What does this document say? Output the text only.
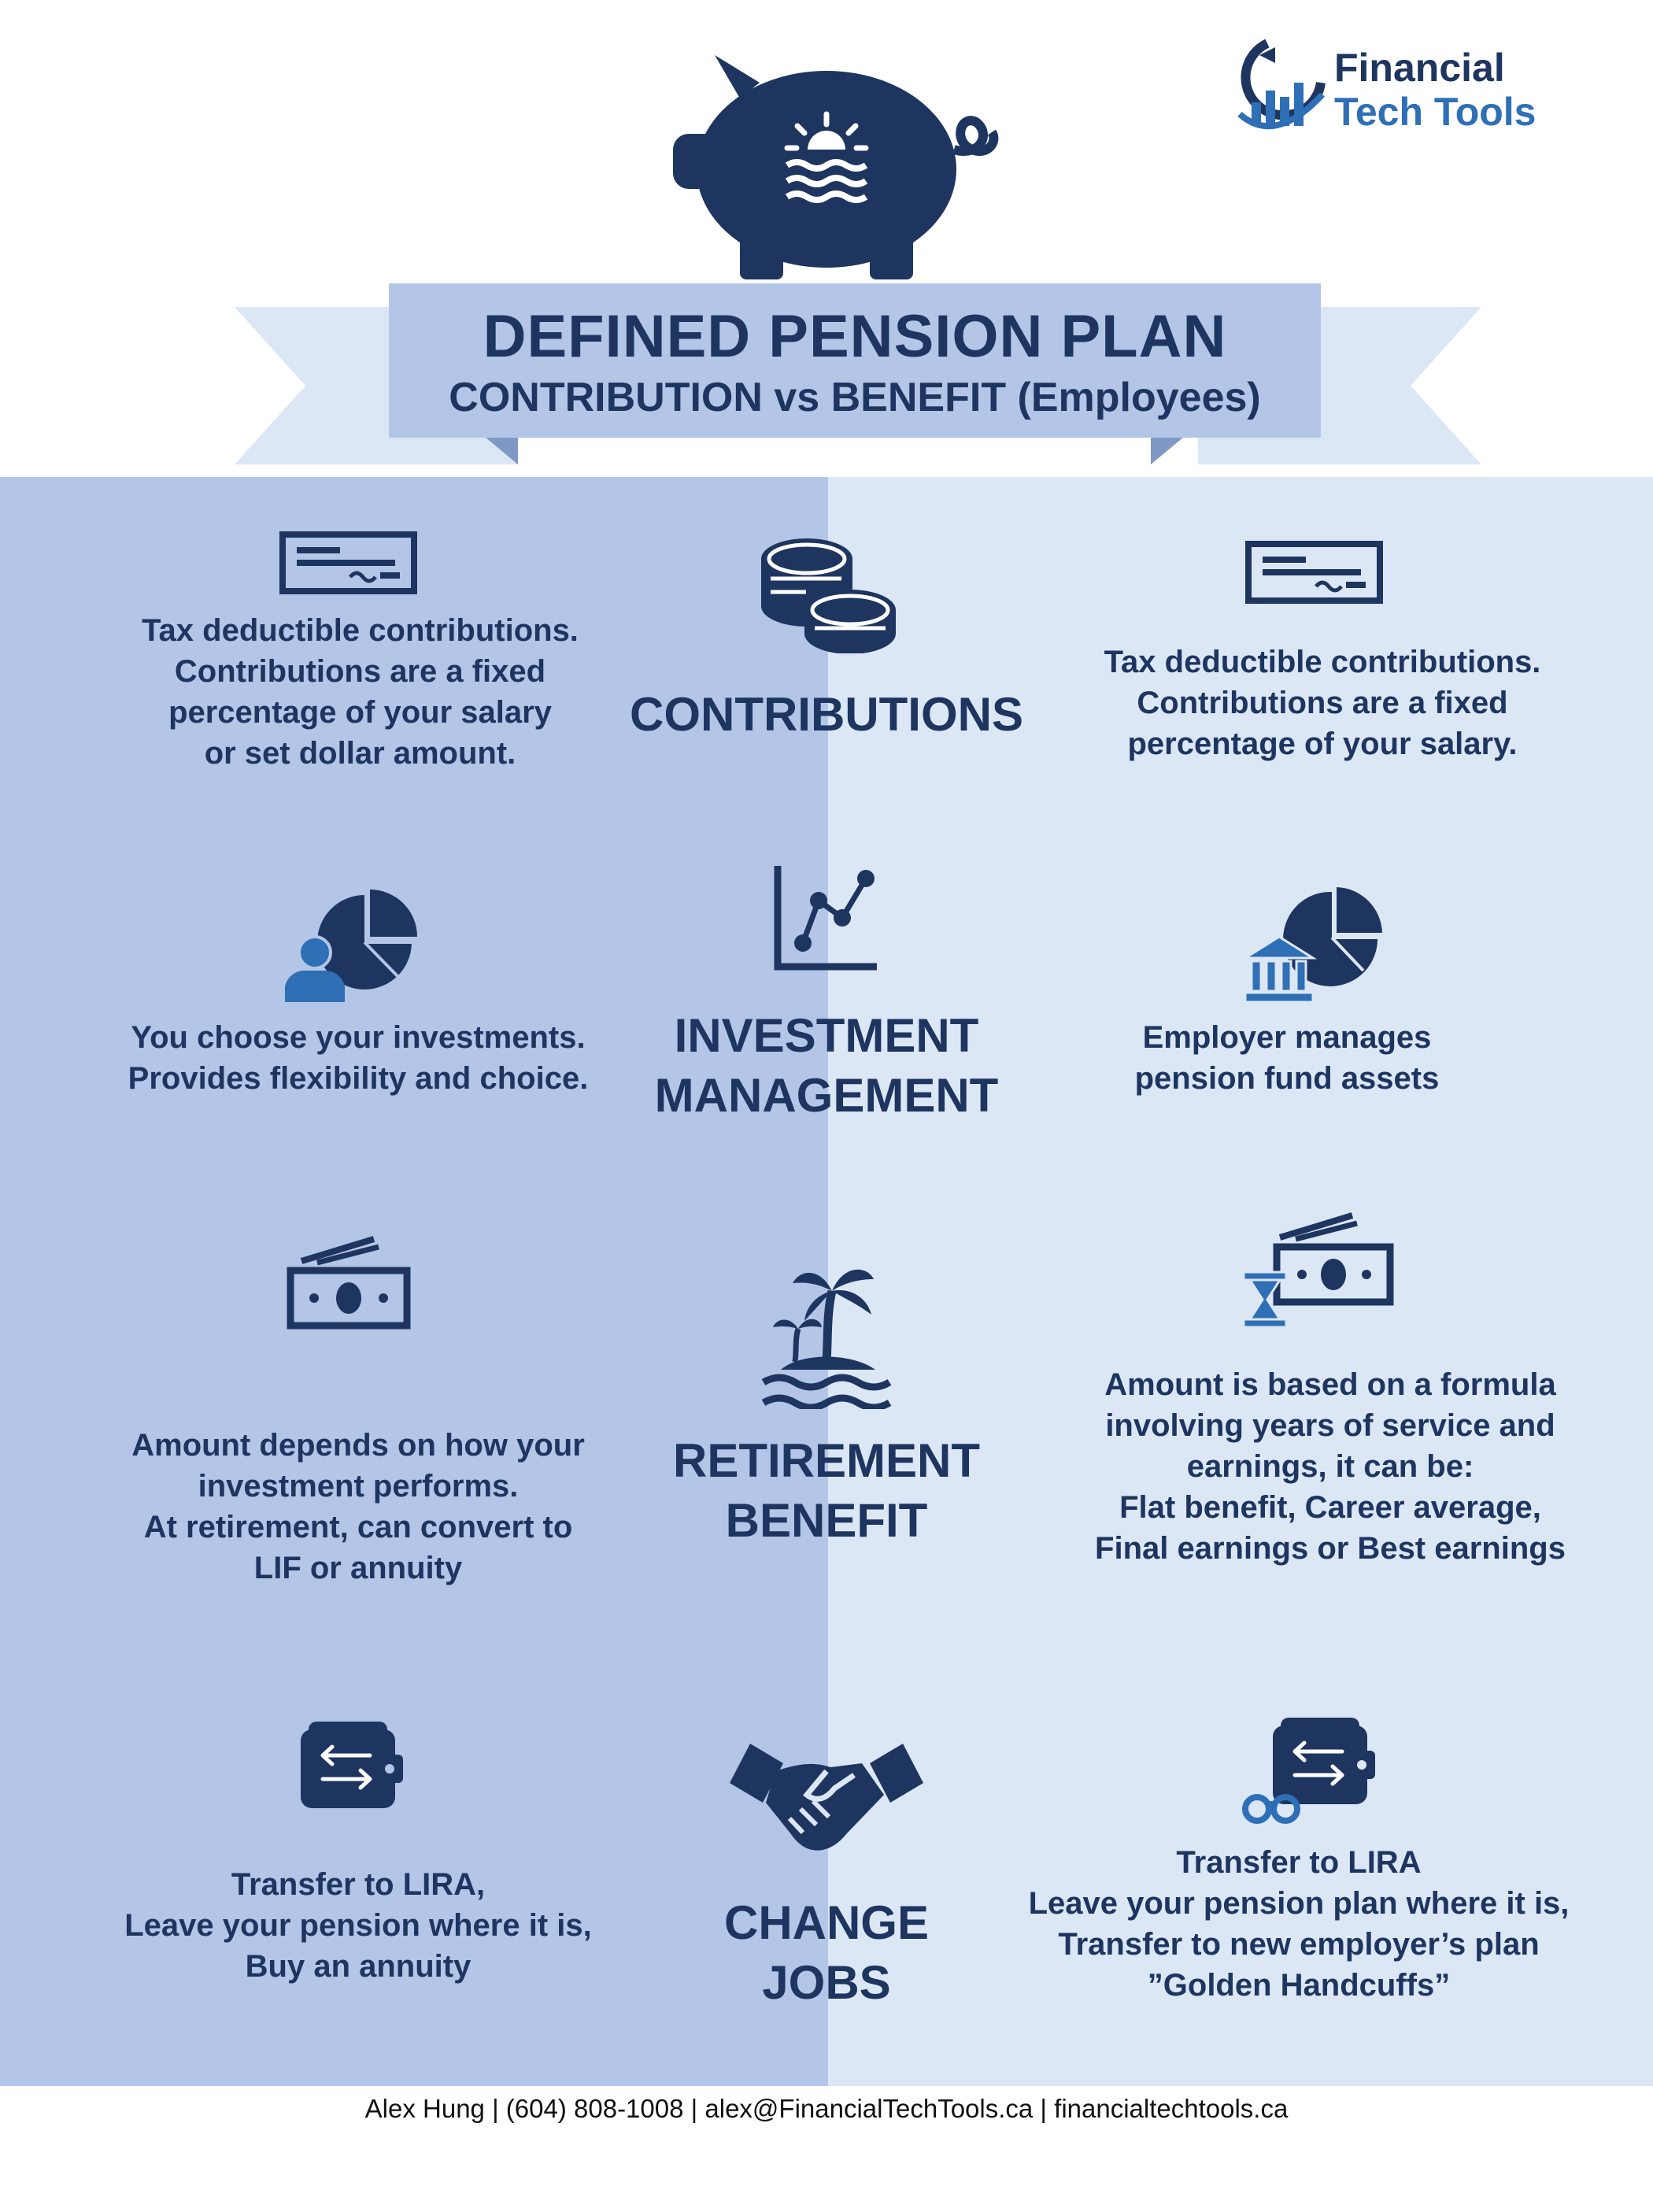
Financial
Tech Tools
DEFINED PENSION PLAN
CONTRIBUTION vs BENEFIT (Employees)
Tax deductible contributions.
Contributions are a fixed
percentage of your salary
or set dollar amount.
CONTRIBUTIONS
Tax deductible contributions.
Contributions are a fixed
percentage of your salary.
You choose your investments.
Provides flexibility and choice.
INVESTMENT
MANAGEMENT
Employer manages
pension fund assets
Amount depends on how your
investment performs.
At retirement, can convert to
LIF or annuity
RETIREMENT
BENEFIT
Amount is based on a formula
involving years of service and
earnings, it can be:
Flat benefit, Career average,
Final earnings or Best earnings
Transfer to LIRA,
Leave your pension where it is,
Buy an annuity
CHANGE
JOBS
Transfer to LIRA
Leave your pension plan where it is,
Transfer to new employer’s plan
”Golden Handcuffs”
Alex Hung | (604) 808-1008 | alex@FinancialTechTools.ca | financialtechtools.ca
